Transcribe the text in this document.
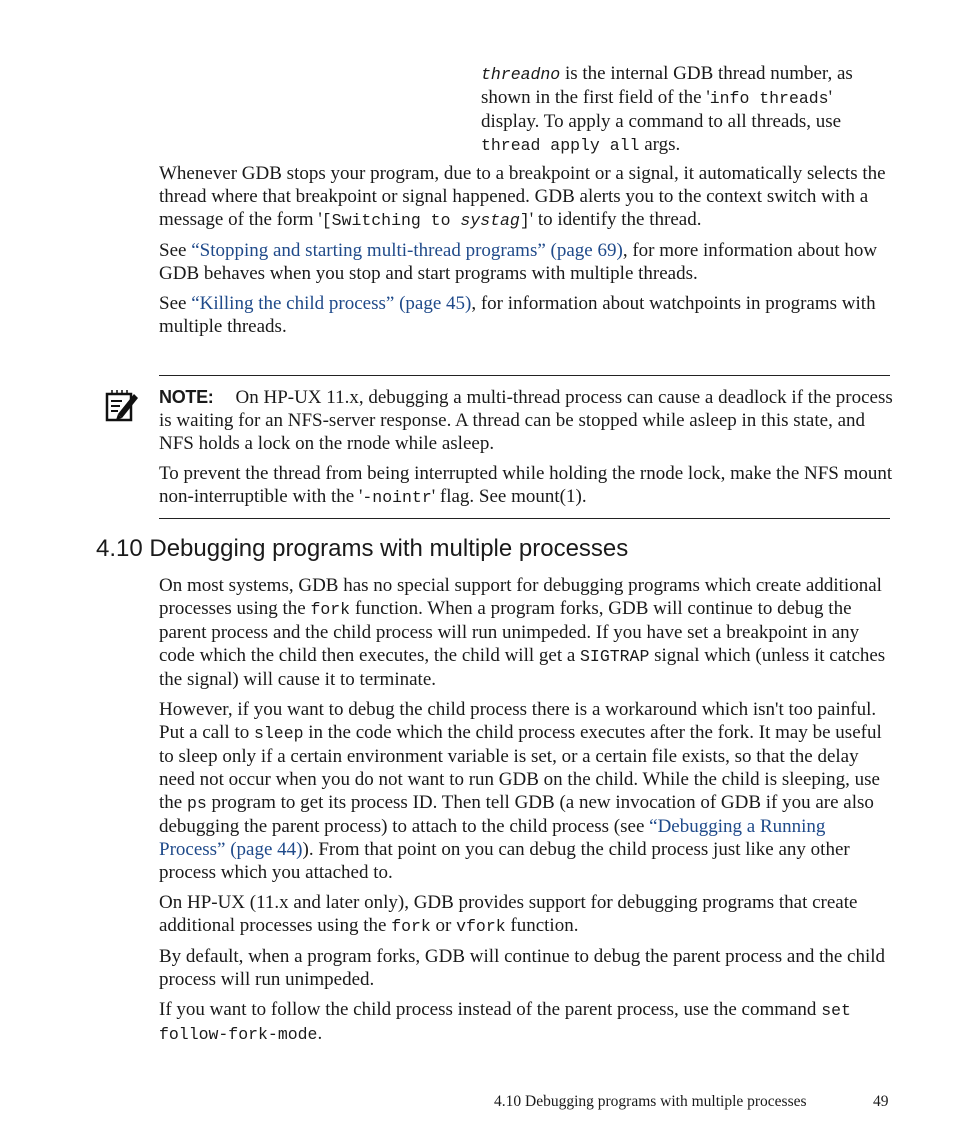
threadno is the internal GDB thread number, as shown in the first field of the 'info threads' display. To apply a command to all threads, use thread apply all args.

Whenever GDB stops your program, due to a breakpoint or a signal, it automatically selects the thread where that breakpoint or signal happened. GDB alerts you to the context switch with a message of the form '[Switching to systag]' to identify the thread.

See “Stopping and starting multi-thread programs” (page 69), for more information about how GDB behaves when you stop and start programs with multiple threads.

See “Killing the child process” (page 45), for information about watchpoints in programs with multiple threads.

NOTE: On HP-UX 11.x, debugging a multi-thread process can cause a deadlock if the process is waiting for an NFS-server response. A thread can be stopped while asleep in this state, and NFS holds a lock on the rnode while asleep.

To prevent the thread from being interrupted while holding the rnode lock, make the NFS mount non-interruptible with the '-nointr' flag. See mount(1).

4.10 Debugging programs with multiple processes

On most systems, GDB has no special support for debugging programs which create additional processes using the fork function. When a program forks, GDB will continue to debug the parent process and the child process will run unimpeded. If you have set a breakpoint in any code which the child then executes, the child will get a SIGTRAP signal which (unless it catches the signal) will cause it to terminate.

However, if you want to debug the child process there is a workaround which isn't too painful. Put a call to sleep in the code which the child process executes after the fork. It may be useful to sleep only if a certain environment variable is set, or a certain file exists, so that the delay need not occur when you do not want to run GDB on the child. While the child is sleeping, use the ps program to get its process ID. Then tell GDB (a new invocation of GDB if you are also debugging the parent process) to attach to the child process (see “Debugging a Running Process” (page 44)). From that point on you can debug the child process just like any other process which you attached to.

On HP-UX (11.x and later only), GDB provides support for debugging programs that create additional processes using the fork or vfork function.

By default, when a program forks, GDB will continue to debug the parent process and the child process will run unimpeded.

If you want to follow the child process instead of the parent process, use the command set follow-fork-mode.

4.10 Debugging programs with multiple processes	49
